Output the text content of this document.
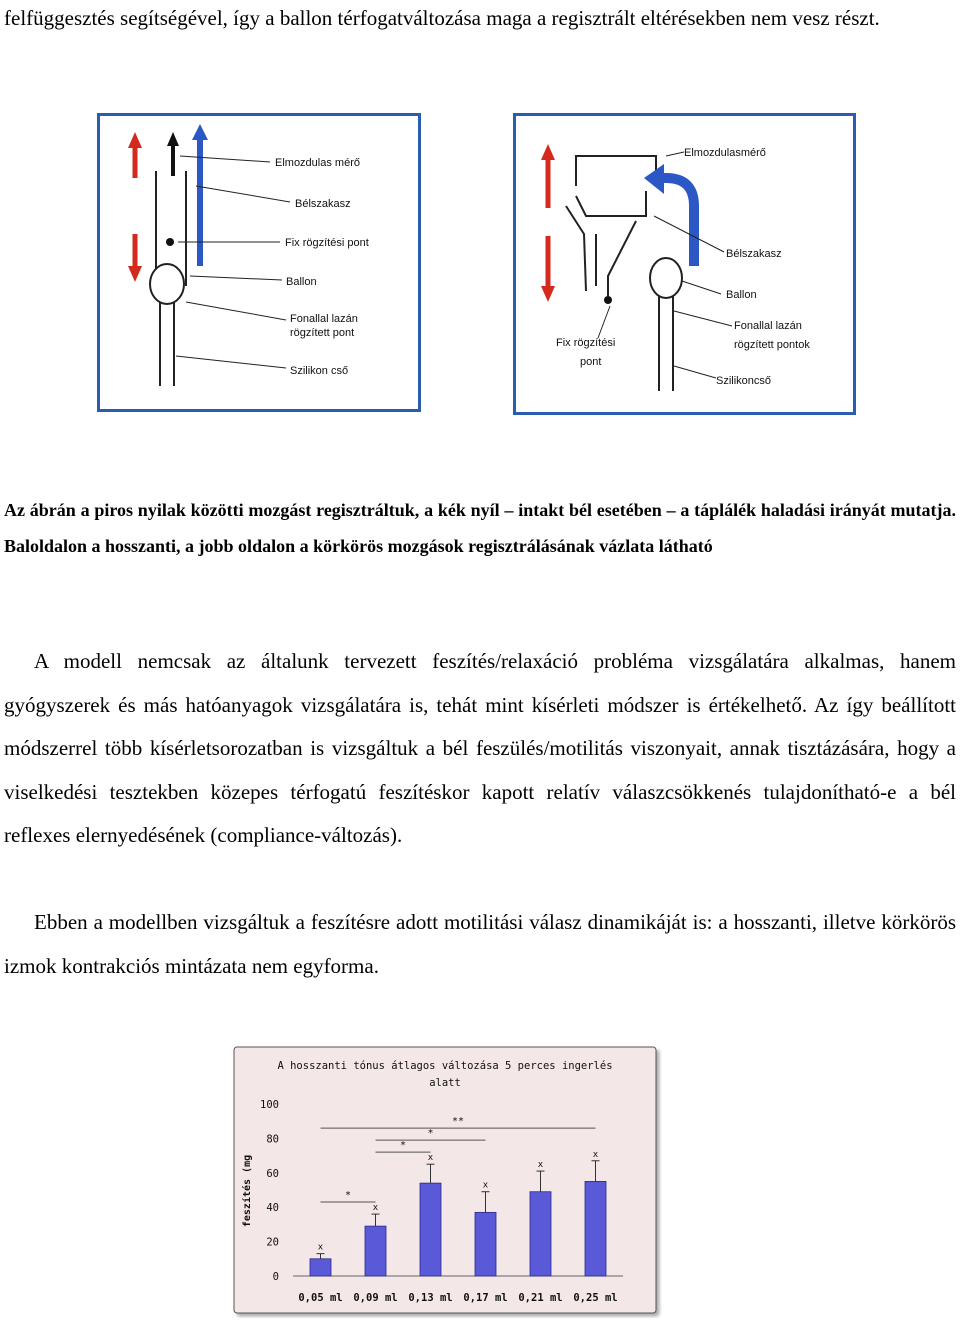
felfüggesztés segítségével, így a ballon térfogatváltozása maga a regisztrált eltérésekben nem vesz részt.

Elmozdulas mérő
Bélszakasz
Fix rögzítési pont
Ballon
Fonallal lazán
rögzített pont
Szilikon cső
Elmozdulasmérő
Bélszakasz
Ballon
Fonallal lazán
rögzített pontok
Fix rögzítési
pont
Szilikoncső

Az ábrán a piros nyilak közötti mozgást regisztráltuk, a kék nyíl – intakt bél esetében – a táplálék haladási irányát mutatja. Baloldalon a hosszanti, a jobb oldalon a körkörös mozgások regisztrálásának vázlata látható

A modell nemcsak az általunk tervezett feszítés/relaxáció probléma vizsgálatára alkalmas, hanem gyógyszerek és más hatóanyagok vizsgálatára is, tehát mint kísérleti módszer is értékelhető. Az így beállított módszerrel több kísérletsorozatban is vizsgáltuk a bél feszülés/motilitás viszonyait, annak tisztázására, hogy a viselkedési tesztekben közepes térfogatú feszítéskor kapott relatív válaszcsökkenés tulajdonítható-e a bél reflexes elernyedésének (compliance-változás).

Ebben a modellben vizsgáltuk a feszítésre adott motilitási válasz dinamikáját is: a hosszanti, illetve körkörös izmok kontrakciós mintázata nem egyforma.

A hosszanti tónus átlagos változása 5 perces ingerlés
alatt
feszítés (mg
0
20
40
60
80
100
x
0,05 ml
x
0,09 ml
x
0,13 ml
x
0,17 ml
x
0,21 ml
x
0,25 ml
*
*
*
**
